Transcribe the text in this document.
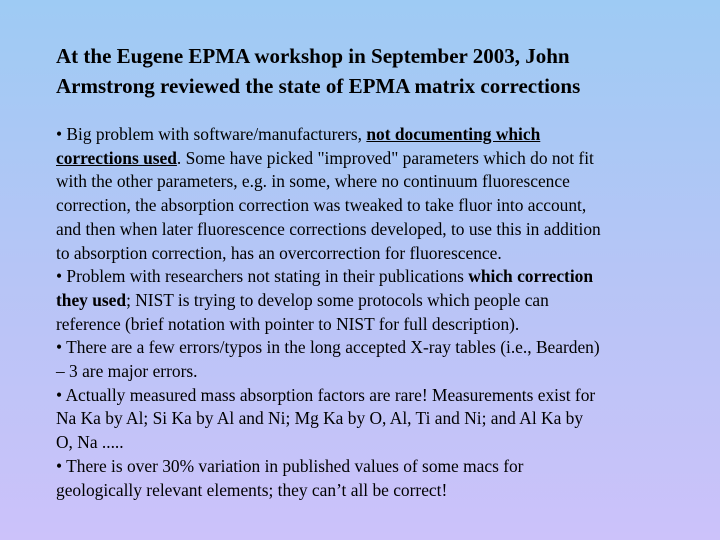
At the Eugene EPMA workshop in September 2003, John
Armstrong reviewed the state of EPMA matrix corrections
• Big problem with software/manufacturers, not documenting which
corrections used. Some have picked "improved" parameters which do not fit
with the other parameters, e.g. in some, where no continuum fluorescence
correction, the absorption correction was tweaked to take fluor into account,
and then when later fluorescence corrections developed, to use this in addition
to absorption correction, has an overcorrection for fluorescence.
• Problem with researchers not stating in their publications which correction
they used; NIST is trying to develop some protocols which people can
reference (brief notation with pointer to NIST for full description).
• There are a few errors/typos in the long accepted X-ray tables (i.e., Bearden)
– 3 are major errors.
• Actually measured mass absorption factors are rare! Measurements exist for
Na Ka by Al; Si Ka by Al and Ni; Mg Ka by O, Al, Ti and Ni; and Al Ka by
O, Na .....
• There is over 30% variation in published values of some macs for
geologically relevant elements; they can’t all be correct!
